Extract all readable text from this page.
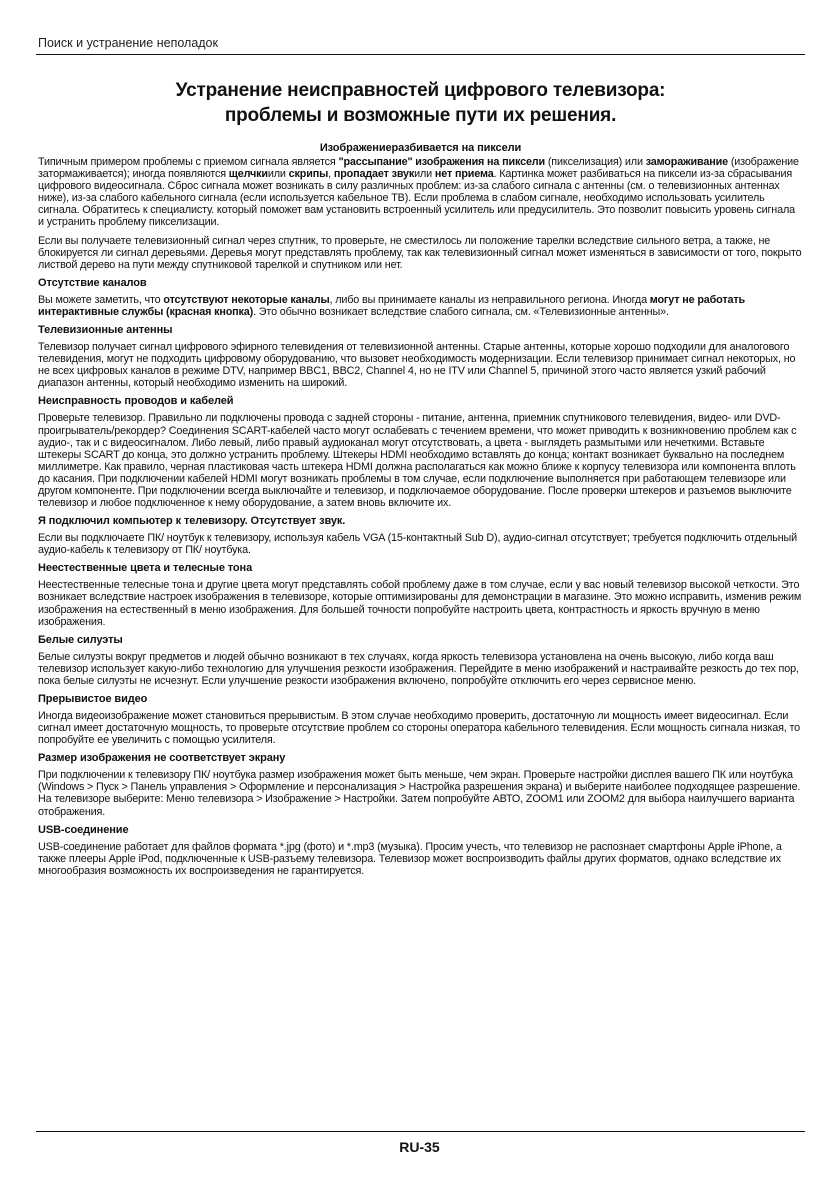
Поиск и устранение неполадок
Устранение неисправностей цифрового телевизора:
проблемы и возможные пути их решения.
Изображениеразбивается на пиксели

Типичным примером проблемы с приемом сигнала является "рассыпание" изображения на пиксели (пикселизация) или замораживание (изображение затормаживается); иногда появляются щелчкиили скрипы, пропадает звукили нет приема. Картинка может разбиваться на пиксели из-за сбрасывания цифрового видеосигнала. Сброс сигнала может возникать в силу различных проблем: из-за слабого сигнала с антенны (см. о телевизионных антеннах ниже), из-за слабого кабельного сигнала (если используется кабельное ТВ). Если проблема в слабом сигнале, необходимо использовать усилитель сигнала. Обратитесь к специалисту. который поможет вам установить встроенный усилитель или предусилитель. Это позволит повысить уровень сигнала и устранить проблему пикселизации.

Если вы получаете телевизионный сигнал через спутник, то проверьте, не сместилось ли положение тарелки вследствие сильного ветра, а также, не блокируется ли сигнал деревьями. Деревья могут представлять проблему, так как телевизионный сигнал может изменяться в зависимости от того, покрыто листвой дерево на пути между спутниковой тарелкой и спутником или нет.

Отсутствие каналов

Вы можете заметить, что отсутствуют некоторые каналы, либо вы принимаете каналы из неправильного региона. Иногда могут не работать интерактивные службы (красная кнопка). Это обычно возникает вследствие слабого сигнала, см. «Телевизионные антенны».

Телевизионные антенны

Телевизор получает сигнал цифрового эфирного телевидения от телевизионной антенны. Старые антенны, которые хорошо подходили для аналогового телевидения, могут не подходить цифровому оборудованию, что вызовет необходимость модернизации. Если телевизор принимает сигнал некоторых, но не всех цифровых каналов в режиме DTV, например BBC1, BBC2, Channel 4, но не ITV или Channel 5, причиной этого часто является узкий рабочий диапазон антенны, который необходимо изменить на широкий.

Неисправность проводов и кабелей

Проверьте телевизор. Правильно ли подключены провода с задней стороны - питание, антенна, приемник спутникового телевидения, видео- или DVD-проигрыватель/рекордер? Соединения SCART-кабелей часто могут ослабевать с течением времени, что может приводить к возникновению проблем как с аудио-, так и с видеосигналом. Либо левый, либо правый аудиоканал могут отсутствовать, а цвета - выглядеть размытыми или нечеткими. Вставьте штекеры SCART до конца, это должно устранить проблему. Штекеры HDMI необходимо вставлять до конца; контакт возникает буквально на последнем миллиметре. Как правило, черная пластиковая часть штекера HDMI должна располагаться как можно ближе к корпусу телевизора или компонента вплоть до касания. При подключении кабелей HDMI могут возникать проблемы в том случае, если подключение выполняется при работающем телевизоре или другом компоненте. При подключении всегда выключайте и телевизор, и подключаемое оборудование. После проверки штекеров и разъемов выключите телевизор и любое подключенное к нему оборудование, а затем вновь включите их.

Я подключил компьютер к телевизору. Отсутствует звук.

Если вы подключаете ПК/ ноутбук к телевизору, используя кабель VGA (15-контактный Sub D), аудио-сигнал отсутствует; требуется подключить отдельный аудио-кабель к телевизору от ПК/ ноутбука.

Неестественные цвета и телесные тона

Неестественные телесные тона и другие цвета могут представлять собой проблему даже в том случае, если у вас новый телевизор высокой четкости. Это возникает вследствие настроек изображения в телевизоре, которые оптимизированы для демонстрации в магазине. Это можно исправить, изменив режим изображения на естественный в меню изображения. Для большей точности попробуйте настроить цвета, контрастность и яркость вручную в меню изображения.

Белые силуэты

Белые силуэты вокруг предметов и людей обычно возникают в тех случаях, когда яркость телевизора установлена на очень высокую, либо когда ваш телевизор использует какую-либо технологию для улучшения резкости изображения. Перейдите в меню изображений и настраивайте резкость до тех пор, пока белые силуэты не исчезнут. Если улучшение резкости изображения включено, попробуйте отключить его через сервисное меню.

Прерывистое видео

Иногда видеоизображение может становиться прерывистым. В этом случае необходимо проверить, достаточную ли мощность имеет видеосигнал. Если сигнал имеет достаточную мощность, то проверьте отсутствие проблем со стороны оператора кабельного телевидения. Если мощность сигнала низкая, то попробуйте ее увеличить с помощью усилителя.

Размер изображения не соответствует экрану

При подключении к телевизору ПК/ ноутбука размер изображения может быть меньше, чем экран. Проверьте настройки дисплея вашего ПК или ноутбука (Windows > Пуск > Панель управления > Оформление и персонализация > Настройка разрешения экрана) и выберите наиболее подходящее разрешение. На телевизоре выберите: Меню телевизора > Изображение > Настройки. Затем попробуйте АВТО, ZOOM1 или ZOOM2 для выбора наилучшего варианта отображения.

USB-соединение

USB-соединение работает для файлов формата *.jpg (фото) и *.mp3 (музыка). Просим учесть, что телевизор не распознает смартфоны Apple iPhone, а также плееры Apple iPod, подключенные к USB-разъему телевизора. Телевизор может воспроизводить файлы других форматов, однако вследствие их многообразия возможность их воспроизведения не гарантируется.

RU-35
